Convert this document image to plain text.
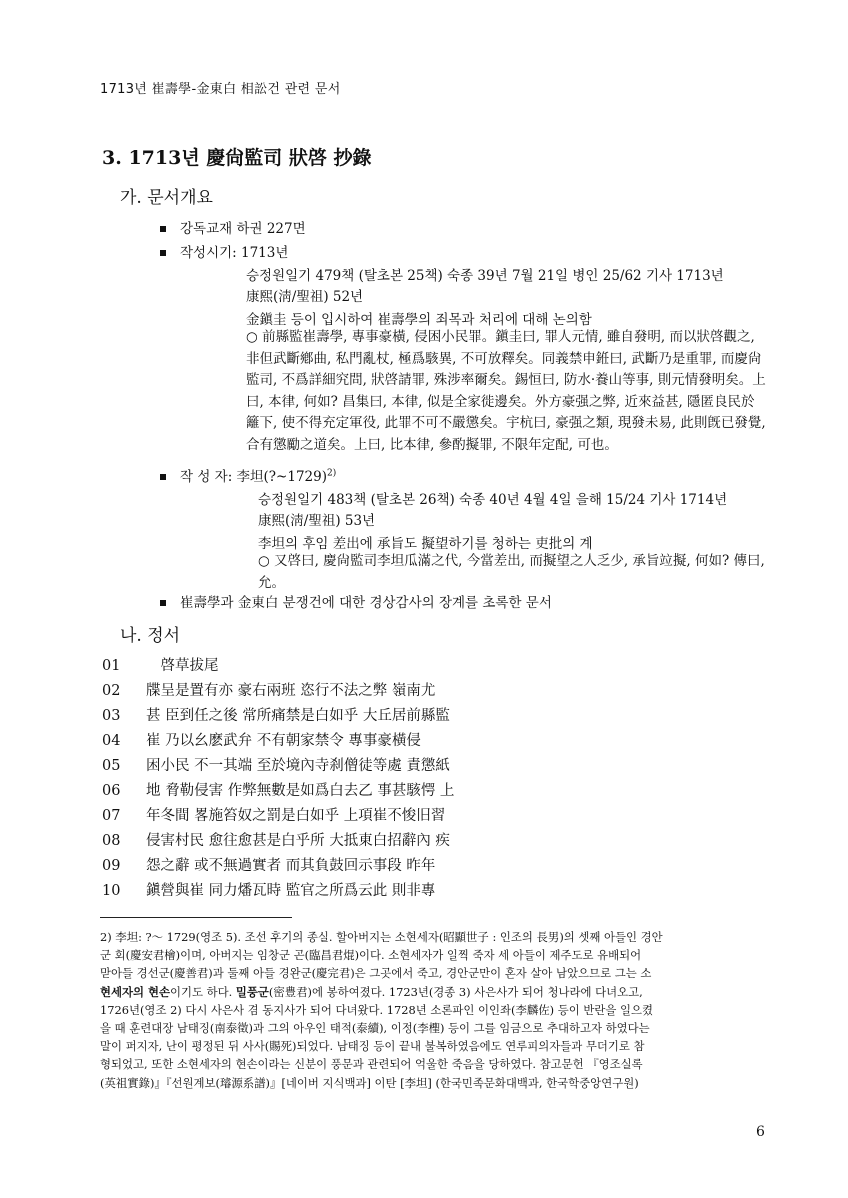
1713년 崔壽學-金東白 相訟건 관련 문서
3. 1713년 慶尙監司 狀啓 抄錄
가. 문서개요
강독교재 하권 227면
작성시기: 1713년
승정원일기 479책 (탈초본 25책) 숙종 39년 7월 21일 병인 25/62 기사 1713년
康熙(淸/聖祖) 52년
金鎭圭 등이 입시하여 崔壽學의 죄목과 처리에 대해 논의함
○ 前縣監崔壽學, 專事豪橫, 侵困小民罪。鎭圭曰, 罪人元情, 雖自發明, 而以狀啓觀之, 非但武斷鄕曲, 私門亂杖, 極爲駭異, 不可放釋矣。同義禁申銋曰, 武斷乃是重罪, 而慶尙監司, 不爲詳細究問, 狀啓請罪, 殊涉率爾矣。錫恒曰, 防水·養山等事, 則元情發明矣。上曰, 本律, 何如? 昌集曰, 本律, 似是全家徙邊矣。外方豪强之弊, 近來益甚, 隱匿良民於籬下, 使不得充定軍役, 此罪不可不嚴懲矣。宇杭曰, 豪强之類, 現發未易, 此則旣已發覺, 合有懲勵之道矣。上曰, 比本律, 參酌擬罪, 不限年定配, 可也。
작 성 자: 李坦(?~1729)$^{2)}$
승정원일기 483책 (탈초본 26책) 숙종 40년 4월 4일 을해 15/24 기사 1714년
康熙(淸/聖祖) 53년
李坦의 후임 差出에 承旨도 擬望하기를 청하는 吏批의 계
○ 又啓曰, 慶尙監司李坦瓜滿之代, 今當差出, 而擬望之人乏少, 承旨竝擬, 何如? 傳曰, 允。
崔壽學과 金東白 분쟁건에 대한 경상감사의 장계를 초록한 문서
나. 정서
01　啓草拔尾
02 牒呈是置有亦 豪右兩班 恣行不法之弊 嶺南尤
03 甚 臣到任之後 常所痛禁是白如乎 大丘居前縣監
04 崔 乃以幺麽武弁 不有朝家禁令 專事豪橫侵
05 困小民 不一其端 至於境內寺刹僧徒等處 責懲紙
06 地 脅勒侵害 作弊無數是如爲白去乙 事甚駭愕 上
07 年冬間 畧施笞奴之罰是白如乎 上項崔不悛旧習
08 侵害村民 愈往愈甚是白乎所 大抵東白招辭內 疾
09 怨之辭 或不無過實者 而其負鼓回示事段 昨年
10 鎭營與崔 同力燔瓦時 監官之所爲云此 則非專
2) 李坦: ?～ 1729(영조 5). 조선 후기의 종실. 할아버지는 소현세자(昭顯世子 : 인조의 長男)의 셋째 아들인 경안
군 회(慶安君檜)이며, 아버지는 임창군 곤(臨昌君焜)이다. 소현세자가 일찍 죽자 세 아들이 제주도로 유배되어
맏아들 경선군(慶善君)과 둘째 아들 경완군(慶完君)은 그곳에서 죽고, 경안군만이 혼자 살아 남았으므로 그는 소
현세자의 현손이기도 하다. 밀풍군(密豊君)에 봉하여졌다. 1723년(경종 3) 사은사가 되어 청나라에 다녀오고,
1726년(영조 2) 다시 사은사 겸 동지사가 되어 다녀왔다. 1728년 소론파인 이인좌(李麟佐) 등이 반란을 일으켰
을 때 훈련대장 남태징(南泰徵)과 그의 아우인 태적(泰續), 이정(李檉) 등이 그를 임금으로 추대하고자 하였다는
말이 퍼지자, 난이 평정된 뒤 사사(賜死)되었다. 남태징 등이 끝내 불복하였음에도 연루피의자들과 무더기로 참
형되었고, 또한 소현세자의 현손이라는 신분이 풍문과 관련되어 억울한 죽음을 당하였다. 참고문헌 『영조실록
(英祖實錄)』『선원계보(璿源系譜)』[네이버 지식백과] 이탄 [李坦] (한국민족문화대백과, 한국학중앙연구원)
6
